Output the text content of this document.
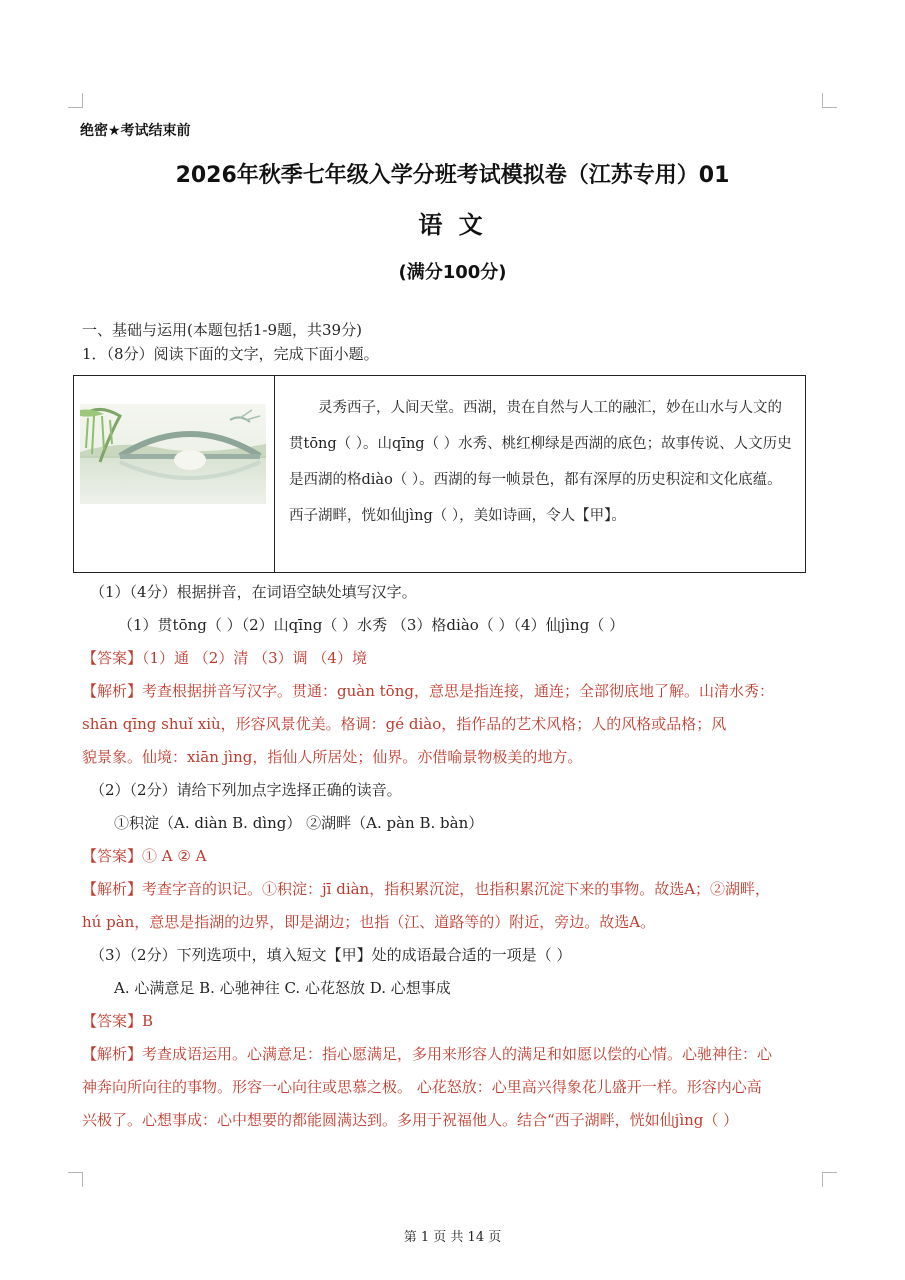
绝密★考试结束前
2026年秋季七年级入学分班考试模拟卷（江苏专用）01
语 文
(满分100分)
一、基础与运用(本题包括1-9题，共39分)
1．（8分）阅读下面的文字，完成下面小题。
灵秀西子，人间天堂。西湖，贵在自然与人工的融汇，妙在山水与人文的贯tōng（ ）。山qīng（ ）水秀、桃红柳绿是西湖的底色；故事传说、人文历史是西湖的格diào（ ）。西湖的每一帧景色，都有深厚的历史积淀和文化底蕴。西子湖畔，恍如仙jìng（ ），美如诗画，令人【甲】。
（1）（4分）根据拼音，在词语空缺处填写汉字。
（1）贯tōng（ ）（2）山qīng（ ）水秀 （3）格diào（ ）（4）仙jìng（ ）
【答案】（1）通 （2）清 （3）调 （4）境
【解析】考查根据拼音写汉字。贯通：guàn tōng，意思是指连接，通连；全部彻底地了解。山清水秀：
shān qīng shuǐ xiù，形容风景优美。格调：gé diào，指作品的艺术风格；人的风格或品格；风
貌景象。仙境：xiān jìng，指仙人所居处；仙界。亦借喻景物极美的地方。
（2）（2分）请给下列加点字选择正确的读音。
①积淀（A. diàn B. dìng） ②湖畔（A. pàn B. bàn）
【答案】① A ② A
【解析】考查字音的识记。①积淀：jī diàn，指积累沉淀，也指积累沉淀下来的事物。故选A；②湖畔，
hú pàn，意思是指湖的边界，即是湖边；也指（江、道路等的）附近，旁边。故选A。
（3）（2分）下列选项中，填入短文【甲】处的成语最合适的一项是（ ）
A. 心满意足 B. 心驰神往 C. 心花怒放 D. 心想事成
【答案】B
【解析】考查成语运用。心满意足：指心愿满足，多用来形容人的满足和如愿以偿的心情。心驰神往：心
神奔向所向往的事物。形容一心向往或思慕之极。 心花怒放：心里高兴得象花儿盛开一样。形容内心高
兴极了。心想事成：心中想要的都能圆满达到。多用于祝福他人。结合“西子湖畔，恍如仙jìng（ ）
第 1 页 共 14 页
